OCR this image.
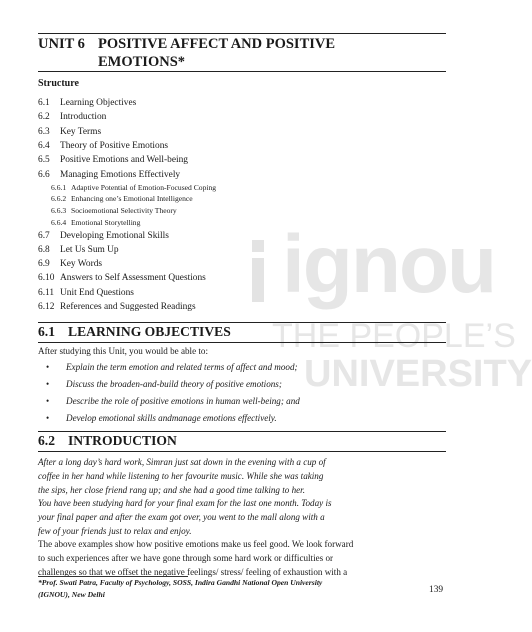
ignou
THE PEOPLE’S
UNIVERSITY
UNIT 6 POSITIVE AFFECT AND POSITIVE
EMOTIONS*
Structure
6.1 Learning Objectives
6.2 Introduction
6.3 Key Terms
6.4 Theory of Positive Emotions
6.5 Positive Emotions and Well-being
6.6 Managing Emotions Effectively
6.6.1 Adaptive Potential of Emotion-Focused Coping
6.6.2 Enhancing one’s Emotional Intelligence
6.6.3 Socioemotional Selectivity Theory
6.6.4 Emotional Storytelling
6.7 Developing Emotional Skills
6.8 Let Us Sum Up
6.9 Key Words
6.10 Answers to Self Assessment Questions
6.11 Unit End Questions
6.12 References and Suggested Readings
6.1 LEARNING OBJECTIVES
After studying this Unit, you would be able to:
• Explain the term emotion and related terms of affect and mood;
• Discuss the broaden-and-build theory of positive emotions;
• Describe the role of positive emotions in human well-being; and
• Develop emotional skills andmanage emotions effectively.
6.2 INTRODUCTION
After a long day’s hard work, Simran just sat down in the evening with a cup of
coffee in her hand while listening to her favourite music. While she was taking
the sips, her close friend rang up; and she had a good time talking to her.
You have been studying hard for your final exam for the last one month. Today is
your final paper and after the exam got over, you went to the mall along with a
few of your friends just to relax and enjoy.
The above examples show how positive emotions make us feel good. We look forward
to such experiences after we have gone through some hard work or difficulties or
challenges so that we offset the negative feelings/ stress/ feeling of exhaustion with a
*Prof. Swati Patra, Faculty of Psychology, SOSS, Indira Gandhi National Open University
(IGNOU), New Delhi	139
